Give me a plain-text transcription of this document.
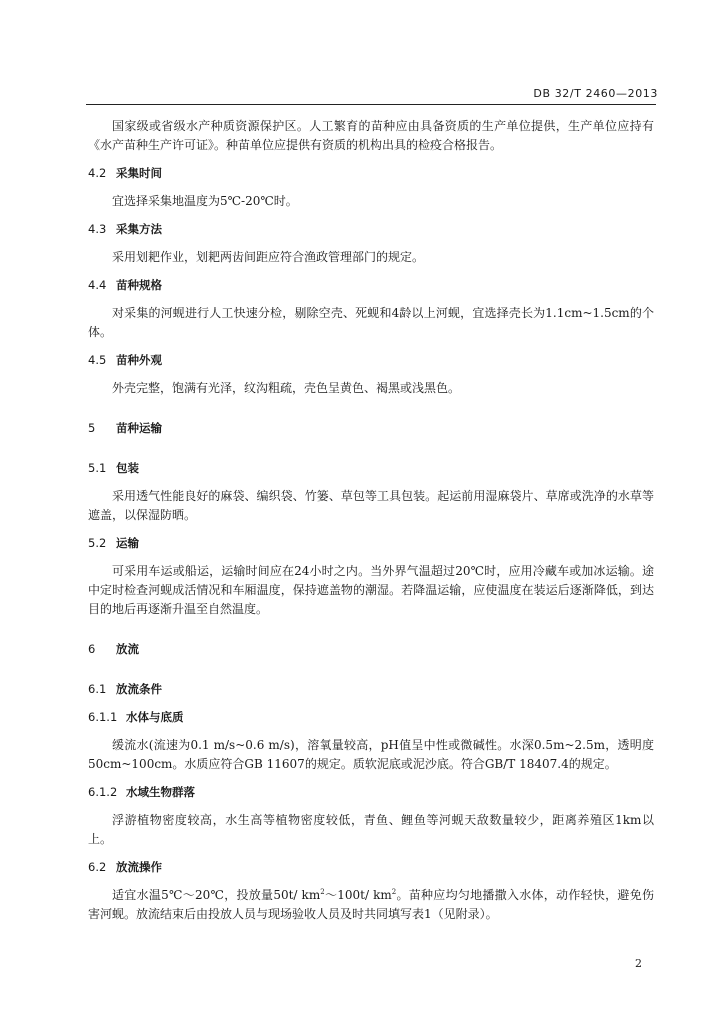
DB 32/T 2460—2013

国家级或省级水产种质资源保护区。人工繁育的苗种应由具备资质的生产单位提供，生产单位应持有《水产苗种生产许可证》。种苗单位应提供有资质的机构出具的检疫合格报告。

4.2 采集时间

宜选择采集地温度为5℃-20℃时。

4.3 采集方法

采用划耙作业，划耙两齿间距应符合渔政管理部门的规定。

4.4 苗种规格

对采集的河蚬进行人工快速分检，剔除空壳、死蚬和4龄以上河蚬，宜选择壳长为1.1cm~1.5cm的个体。

4.5 苗种外观

外壳完整，饱满有光泽，纹沟粗疏，壳色呈黄色、褐黑或浅黑色。

5 苗种运输

5.1 包装

采用透气性能良好的麻袋、编织袋、竹篓、草包等工具包装。起运前用湿麻袋片、草席或洗净的水草等遮盖，以保湿防晒。

5.2 运输

可采用车运或船运，运输时间应在24小时之内。当外界气温超过20℃时，应用冷藏车或加冰运输。途中定时检查河蚬成活情况和车厢温度，保持遮盖物的潮湿。若降温运输，应使温度在装运后逐渐降低，到达目的地后再逐渐升温至自然温度。

6 放流

6.1 放流条件

6.1.1 水体与底质

缓流水(流速为0.1 m/s~0.6 m/s)，溶氧量较高，pH值呈中性或微碱性。水深0.5m~2.5m，透明度50cm~100cm。水质应符合GB 11607的规定。质软泥底或泥沙底。符合GB/T 18407.4的规定。

6.1.2 水域生物群落

浮游植物密度较高，水生高等植物密度较低，青鱼、鲤鱼等河蚬天敌数量较少，距离养殖区1km以上。

6.2 放流操作

适宜水温5℃～20℃，投放量50t/ $km^2\sim 100t/$ $km^2$。苗种应均匀地播撒入水体，动作轻快，避免伤害河蚬。放流结束后由投放人员与现场验收人员及时共同填写表1（见附录）。

2
